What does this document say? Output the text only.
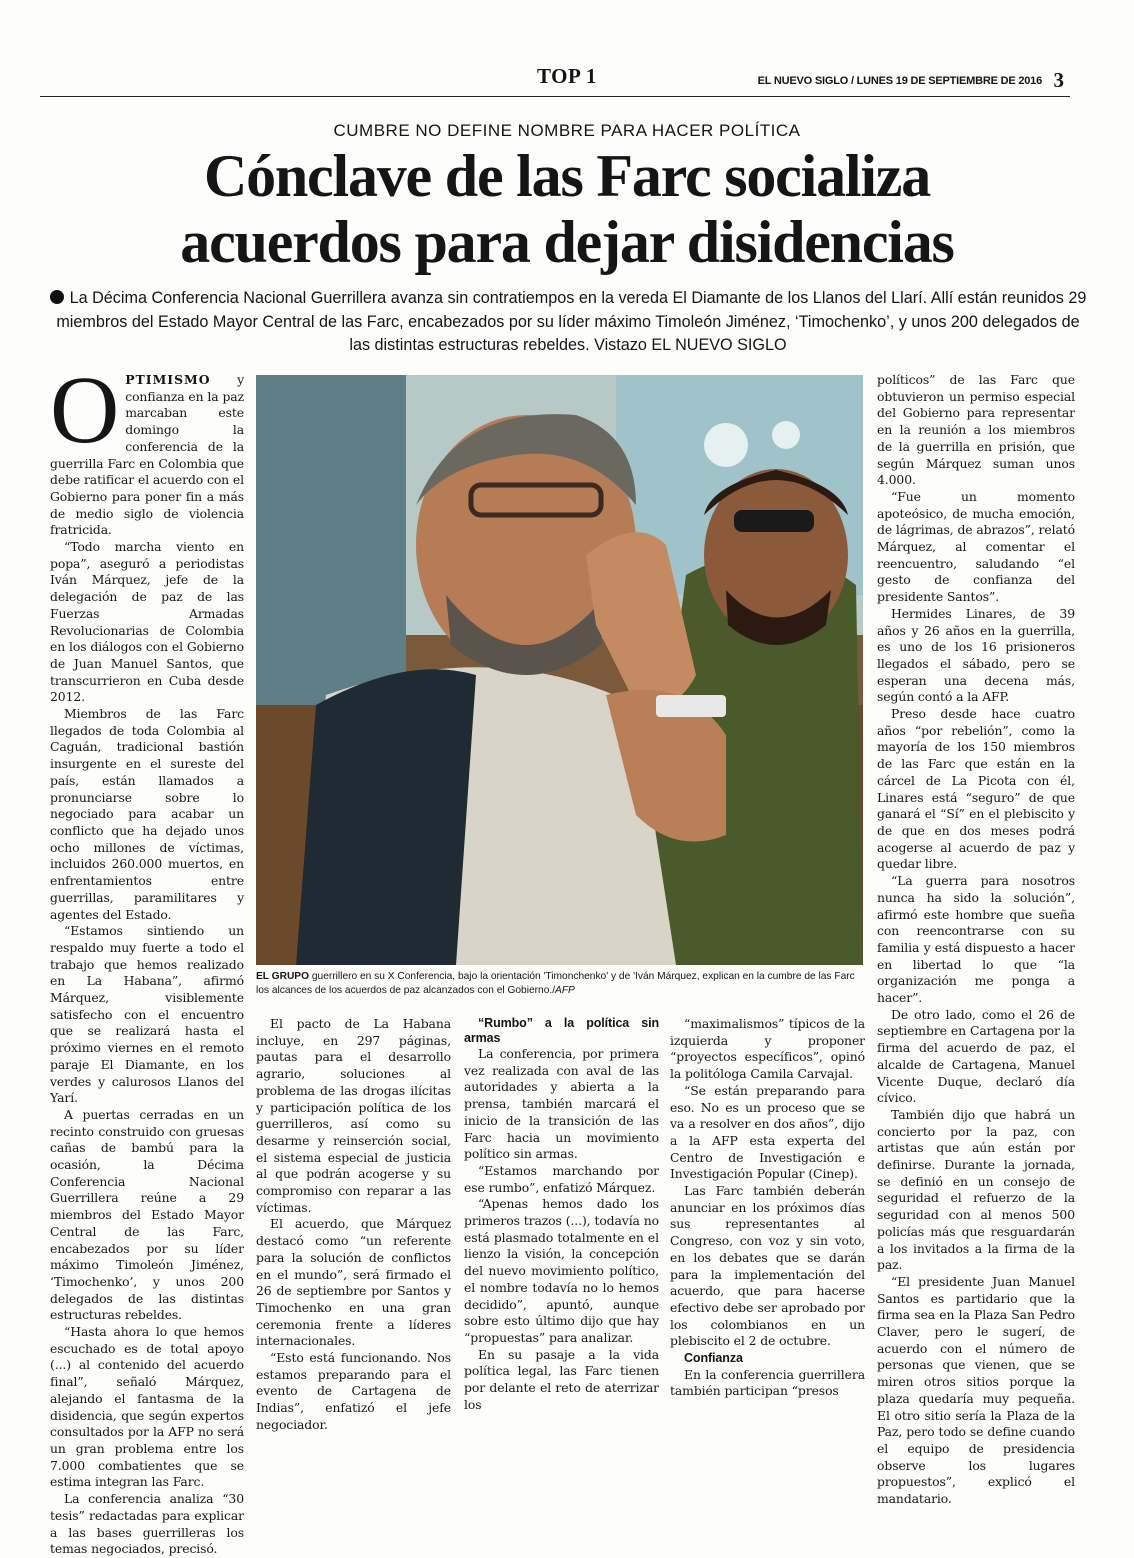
TOP 1	EL NUEVO SIGLO / LUNES 19 DE SEPTIEMBRE DE 2016 3
CUMBRE NO DEFINE NOMBRE PARA HACER POLÍTICA
Cónclave de las Farc socializa
acuerdos para dejar disidencias
La Décima Conferencia Nacional Guerrillera avanza sin contratiempos en la vereda El Diamante de los Llanos del Llarí. Allí están reunidos 29 miembros del Estado Mayor Central de las Farc, encabezados por su líder máximo Timoleón Jiménez, ‘Timochenko’, y unos 200 delegados de las distintas estructuras rebeldes. Vistazo EL NUEVO SIGLO

OPTIMISMO y confianza en la paz marcaban este domingo la conferencia de la guerrilla Farc en Colombia que debe ratificar el acuerdo con el Gobierno para poner fin a más de medio siglo de violencia fratricida.

“Todo marcha viento en popa”, aseguró a periodistas Iván Márquez, jefe de la delegación de paz de las Fuerzas Armadas Revolucionarias de Colombia en los diálogos con el Gobierno de Juan Manuel Santos, que transcurrieron en Cuba desde 2012.

Miembros de las Farc llegados de toda Colombia al Caguán, tradicional bastión insurgente en el sureste del país, están llamados a pronunciarse sobre lo negociado para acabar un conflicto que ha dejado unos ocho millones de víctimas, incluidos 260.000 muertos, en enfrentamientos entre guerrillas, paramilitares y agentes del Estado.

“Estamos sintiendo un respaldo muy fuerte a todo el trabajo que hemos realizado en La Habana”, afirmó Márquez, visiblemente satisfecho con el encuentro que se realizará hasta el próximo viernes en el remoto paraje El Diamante, en los verdes y calurosos Llanos del Yarí.

A puertas cerradas en un recinto construido con gruesas cañas de bambú para la ocasión, la Décima Conferencia Nacional Guerrillera reúne a 29 miembros del Estado Mayor Central de las Farc, encabezados por su líder máximo Timoleón Jiménez, ‘Timochenko’, y unos 200 delegados de las distintas estructuras rebeldes.

“Hasta ahora lo que hemos escuchado es de total apoyo (...) al contenido del acuerdo final”, señaló Márquez, alejando el fantasma de la disidencia, que según expertos consultados por la AFP no será un gran problema entre los 7.000 combatientes que se estima integran las Farc.

La conferencia analiza “30 tesis” redactadas para explicar a las bases guerrilleras los temas negociados, precisó.

EL GRUPO guerrillero en su X Conferencia, bajo la orientación 'Timonchenko' y de 'Iván Márquez, explican en la cumbre de las Farc los alcances de los acuerdos de paz alcanzados con el Gobierno./AFP

El pacto de La Habana incluye, en 297 páginas, pautas para el desarrollo agrario, soluciones al problema de las drogas ilícitas y participación política de los guerrilleros, así como su desarme y reinserción social, el sistema especial de justicia al que podrán acogerse y su compromiso con reparar a las víctimas.

El acuerdo, que Márquez destacó como “un referente para la solución de conflictos en el mundo”, será firmado el 26 de septiembre por Santos y Timochenko en una gran ceremonia frente a líderes internacionales.

“Esto está funcionando. Nos estamos preparando para el evento de Cartagena de Indias”, enfatizó el jefe negociador.

“Rumbo” a la política sin armas

La conferencia, por primera vez realizada con aval de las autoridades y abierta a la prensa, también marcará el inicio de la transición de las Farc hacia un movimiento político sin armas.

“Estamos marchando por ese rumbo”, enfatizó Márquez.

“Apenas hemos dado los primeros trazos (...), todavía no está plasmado totalmente en el lienzo la visión, la concepción del nuevo movimiento político, el nombre todavía no lo hemos decidido”, apuntó, aunque sobre esto último dijo que hay “propuestas” para analizar.

En su pasaje a la vida política legal, las Farc tienen por delante el reto de aterrizar los

“maximalismos” típicos de la izquierda y proponer “proyectos específicos”, opinó la politóloga Camila Carvajal.

“Se están preparando para eso. No es un proceso que se va a resolver en dos años”, dijo a la AFP esta experta del Centro de Investigación e Investigación Popular (Cinep).

Las Farc también deberán anunciar en los próximos días sus representantes al Congreso, con voz y sin voto, en los debates que se darán para la implementación del acuerdo, que para hacerse efectivo debe ser aprobado por los colombianos en un plebiscito el 2 de octubre.

Confianza

En la conferencia guerrillera también participan “presos

políticos” de las Farc que obtuvieron un permiso especial del Gobierno para representar en la reunión a los miembros de la guerrilla en prisión, que según Márquez suman unos 4.000.

“Fue un momento apoteósico, de mucha emoción, de lágrimas, de abrazos”, relató Márquez, al comentar el reencuentro, saludando “el gesto de confianza del presidente Santos”.

Hermides Linares, de 39 años y 26 años en la guerrilla, es uno de los 16 prisioneros llegados el sábado, pero se esperan una decena más, según contó a la AFP.

Preso desde hace cuatro años “por rebelión”, como la mayoría de los 150 miembros de las Farc que están en la cárcel de La Picota con él, Linares está “seguro” de que ganará el “Sí” en el plebiscito y de que en dos meses podrá acogerse al acuerdo de paz y quedar libre.

“La guerra para nosotros nunca ha sido la solución”, afirmó este hombre que sueña con reencontrarse con su familia y está dispuesto a hacer en libertad lo que “la organización me ponga a hacer”.

De otro lado, como el 26 de septiembre en Cartagena por la firma del acuerdo de paz, el alcalde de Cartagena, Manuel Vicente Duque, declaró día cívico.

También dijo que habrá un concierto por la paz, con artistas que aún están por definirse. Durante la jornada, se definió en un consejo de seguridad el refuerzo de la seguridad con al menos 500 policías más que resguardarán a los invitados a la firma de la paz.

“El presidente Juan Manuel Santos es partidario que la firma sea en la Plaza San Pedro Claver, pero le sugerí, de acuerdo con el número de personas que vienen, que se miren otros sitios porque la plaza quedaría muy pequeña. El otro sitio sería la Plaza de la Paz, pero todo se define cuando el equipo de presidencia observe los lugares propuestos”, explicó el mandatario.
